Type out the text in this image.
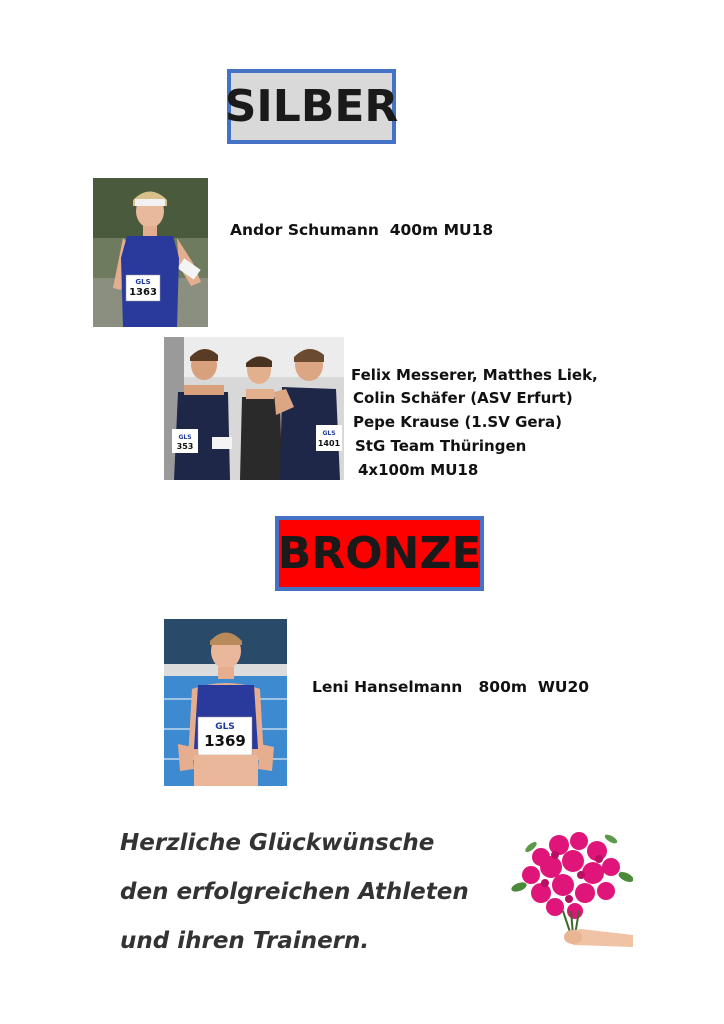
SILBER
GLS
1363
Andor Schumann  400m MU18
GLS
353
GLS
1401
Felix Messerer, Matthes Liek,
Colin Schäfer (ASV Erfurt)
Pepe Krause (1.SV Gera)
StG Team Thüringen
4x100m MU18
BRONZE
GLS
1369
Leni Hanselmann   800m  WU20
Herzliche Glückwünsche
den erfolgreichen Athleten
und ihren Trainern.
